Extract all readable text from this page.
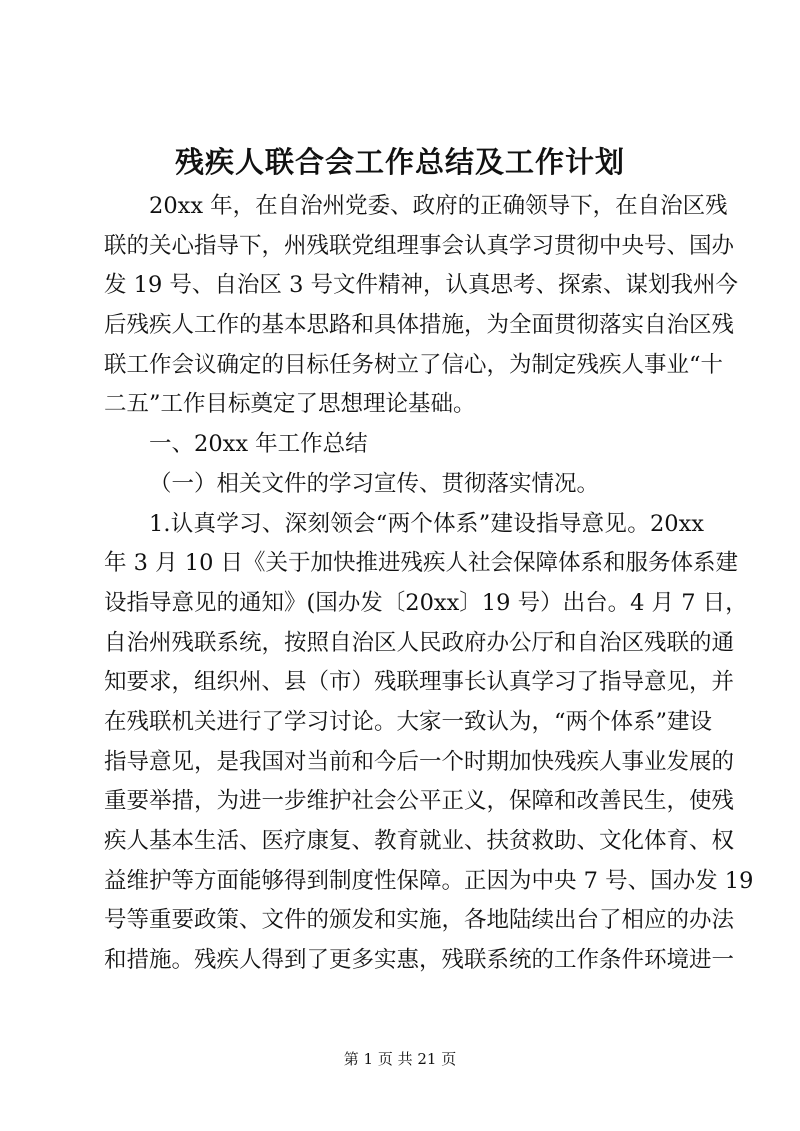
残疾人联合会工作总结及工作计划
20xx 年，在自治州党委、政府的正确领导下，在自治区残
联的关心指导下，州残联党组理事会认真学习贯彻中央号、国办
发 19 号、自治区 3 号文件精神，认真思考、探索、谋划我州今
后残疾人工作的基本思路和具体措施，为全面贯彻落实自治区残
联工作会议确定的目标任务树立了信心，为制定残疾人事业“十
二五”工作目标奠定了思想理论基础。
一、20xx 年工作总结
（一）相关文件的学习宣传、贯彻落实情况。
1.认真学习、深刻领会“两个体系”建设指导意见。20xx
年 3 月 10 日《关于加快推进残疾人社会保障体系和服务体系建
设指导意见的通知》(国办发〔20xx〕19 号）出台。4 月 7 日，
自治州残联系统，按照自治区人民政府办公厅和自治区残联的通
知要求，组织州、县（市）残联理事长认真学习了指导意见，并
在残联机关进行了学习讨论。大家一致认为，“两个体系”建设
指导意见，是我国对当前和今后一个时期加快残疾人事业发展的
重要举措，为进一步维护社会公平正义，保障和改善民生，使残
疾人基本生活、医疗康复、教育就业、扶贫救助、文化体育、权
益维护等方面能够得到制度性保障。正因为中央 7 号、国办发 19
号等重要政策、文件的颁发和实施，各地陆续出台了相应的办法
和措施。残疾人得到了更多实惠，残联系统的工作条件环境进一
第 1 页 共 21 页
